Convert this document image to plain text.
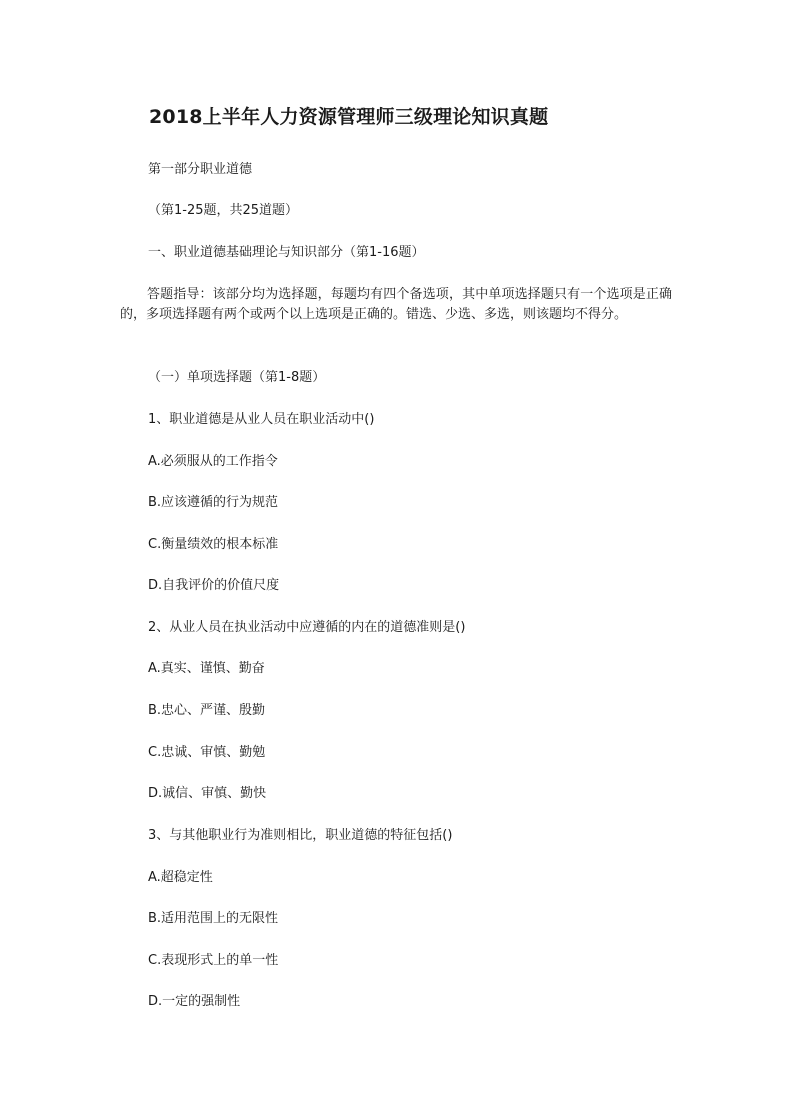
2018上半年人力资源管理师三级理论知识真题
第一部分职业道德
（第1-25题，共25道题）
一、职业道德基础理论与知识部分（第1-16题）
答题指导：该部分均为选择题，每题均有四个备选项，其中单项选择题只有一个选项是正确的，多项选择题有两个或两个以上选项是正确的。错选、少选、多选，则该题均不得分。
（一）单项选择题（第1-8题）
1、职业道德是从业人员在职业活动中()
A.必须服从的工作指令
B.应该遵循的行为规范
C.衡量绩效的根本标准
D.自我评价的价值尺度
2、从业人员在执业活动中应遵循的内在的道德准则是()
A.真实、谨慎、勤奋
B.忠心、严谨、殷勤
C.忠诚、审慎、勤勉
D.诚信、审慎、勤快
3、与其他职业行为准则相比，职业道德的特征包括()
A.超稳定性
B.适用范围上的无限性
C.表现形式上的单一性
D.一定的强制性
